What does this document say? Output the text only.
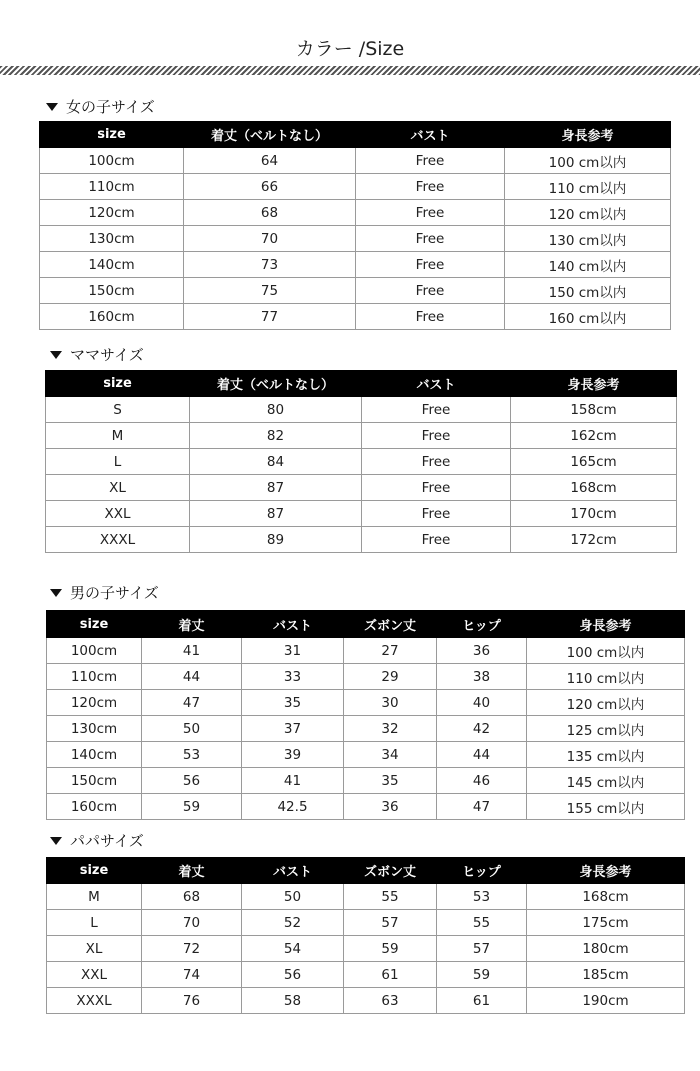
カラー /Size
女の子サイズ
size	着丈（ベルトなし）	バスト	身長参考
100cm	64	Free	100 cm以内
110cm	66	Free	110 cm以内
120cm	68	Free	120 cm以内
130cm	70	Free	130 cm以内
140cm	73	Free	140 cm以内
150cm	75	Free	150 cm以内
160cm	77	Free	160 cm以内
ママサイズ
size	着丈（ベルトなし）	バスト	身長参考
S	80	Free	158cm
M	82	Free	162cm
L	84	Free	165cm
XL	87	Free	168cm
XXL	87	Free	170cm
XXXL	89	Free	172cm
男の子サイズ
size	着丈	バスト	ズボン丈	ヒップ	身長参考
100cm	41	31	27	36	100 cm以内
110cm	44	33	29	38	110 cm以内
120cm	47	35	30	40	120 cm以内
130cm	50	37	32	42	125 cm以内
140cm	53	39	34	44	135 cm以内
150cm	56	41	35	46	145 cm以内
160cm	59	42.5	36	47	155 cm以内
パパサイズ
size	着丈	バスト	ズボン丈	ヒップ	身長参考
M	68	50	55	53	168cm
L	70	52	57	55	175cm
XL	72	54	59	57	180cm
XXL	74	56	61	59	185cm
XXXL	76	58	63	61	190cm
